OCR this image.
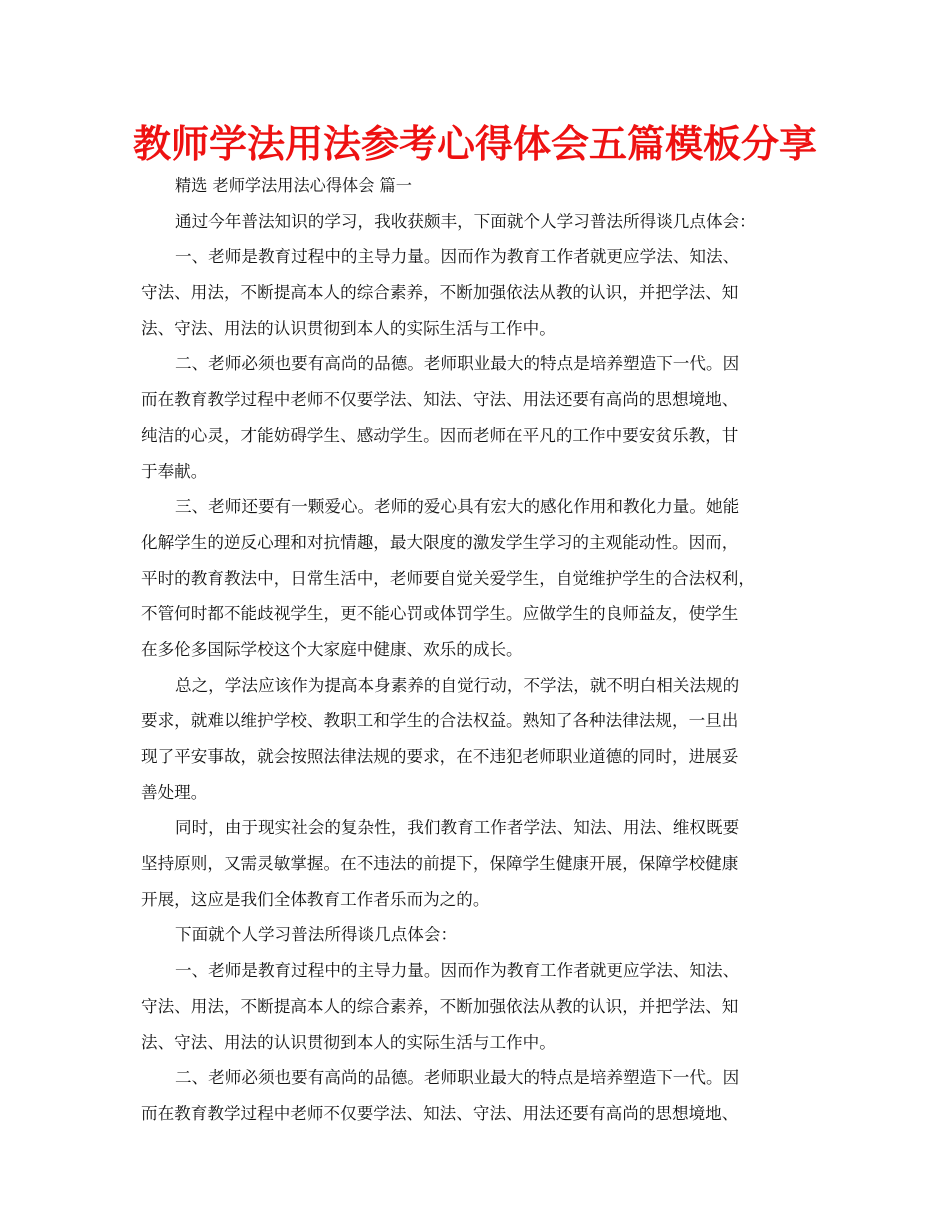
教师学法用法参考心得体会五篇模板分享
精选 老师学法用法心得体会 篇一
通过今年普法知识的学习，我收获颇丰，下面就个人学习普法所得谈几点体会：
一、老师是教育过程中的主导力量。因而作为教育工作者就更应学法、知法、
守法、用法，不断提高本人的综合素养，不断加强依法从教的认识，并把学法、知
法、守法、用法的认识贯彻到本人的实际生活与工作中。
二、老师必须也要有高尚的品德。老师职业最大的特点是培养塑造下一代。因
而在教育教学过程中老师不仅要学法、知法、守法、用法还要有高尚的思想境地、
纯洁的心灵，才能妨碍学生、感动学生。因而老师在平凡的工作中要安贫乐教，甘
于奉献。
三、老师还要有一颗爱心。老师的爱心具有宏大的感化作用和教化力量。她能
化解学生的逆反心理和对抗情趣，最大限度的激发学生学习的主观能动性。因而，
平时的教育教法中，日常生活中，老师要自觉关爱学生，自觉维护学生的合法权利，
不管何时都不能歧视学生，更不能心罚或体罚学生。应做学生的良师益友，使学生
在多伦多国际学校这个大家庭中健康、欢乐的成长。
总之，学法应该作为提高本身素养的自觉行动，不学法，就不明白相关法规的
要求，就难以维护学校、教职工和学生的合法权益。熟知了各种法律法规，一旦出
现了平安事故，就会按照法律法规的要求，在不违犯老师职业道德的同时，进展妥
善处理。
同时，由于现实社会的复杂性，我们教育工作者学法、知法、用法、维权既要
坚持原则，又需灵敏掌握。在不违法的前提下，保障学生健康开展，保障学校健康
开展，这应是我们全体教育工作者乐而为之的。
下面就个人学习普法所得谈几点体会：
一、老师是教育过程中的主导力量。因而作为教育工作者就更应学法、知法、
守法、用法，不断提高本人的综合素养，不断加强依法从教的认识，并把学法、知
法、守法、用法的认识贯彻到本人的实际生活与工作中。
二、老师必须也要有高尚的品德。老师职业最大的特点是培养塑造下一代。因
而在教育教学过程中老师不仅要学法、知法、守法、用法还要有高尚的思想境地、
